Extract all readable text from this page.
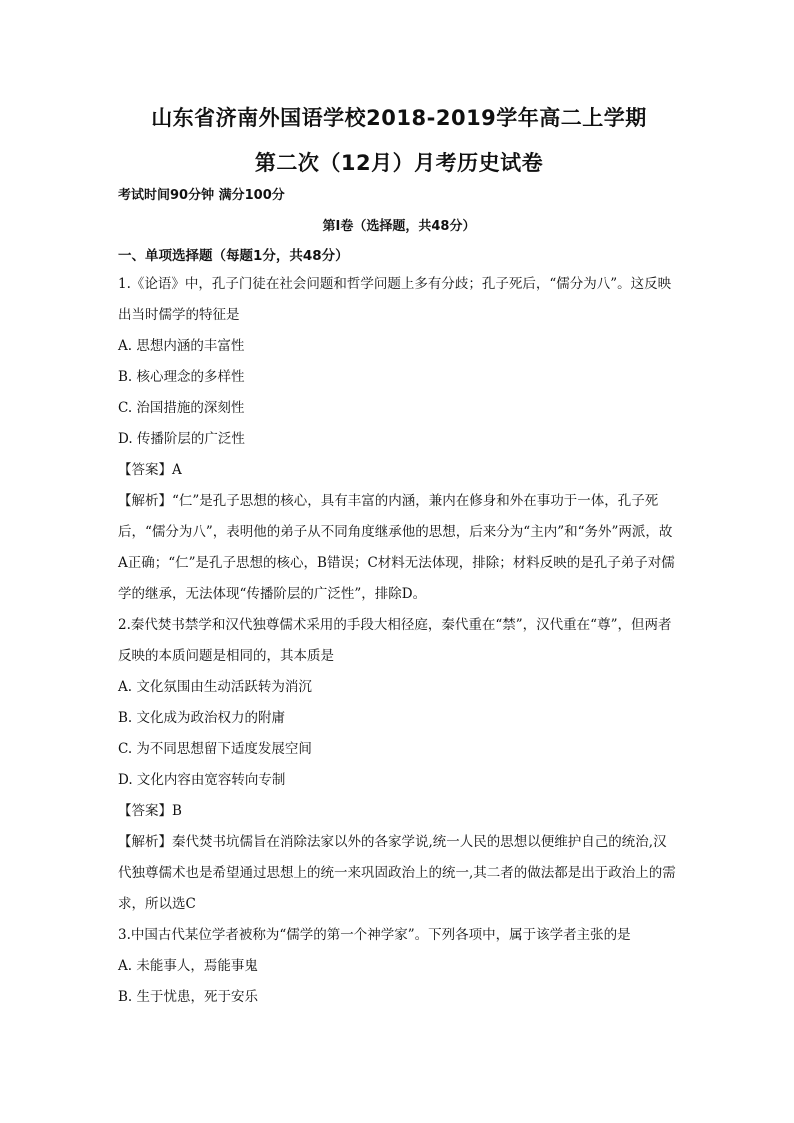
山东省济南外国语学校2018-2019学年高二上学期
第二次（12月）月考历史试卷
考试时间90分钟 满分100分
第Ⅰ卷（选择题，共48分）
一、单项选择题（每题1分，共48分）

1.《论语》中，孔子门徒在社会问题和哲学问题上多有分歧；孔子死后，“儒分为八”。这反映出当时儒学的特征是

A. 思想内涵的丰富性
B. 核心理念的多样性
C. 治国措施的深刻性
D. 传播阶层的广泛性
【答案】A
【解析】“仁”是孔子思想的核心，具有丰富的内涵，兼内在修身和外在事功于一体，孔子死后，“儒分为八”，表明他的弟子从不同角度继承他的思想，后来分为“主内”和“务外”两派，故A正确；“仁”是孔子思想的核心，B错误；C材料无法体现，排除；材料反映的是孔子弟子对儒学的继承，无法体现“传播阶层的广泛性”，排除D。

2.秦代焚书禁学和汉代独尊儒术采用的手段大相径庭，秦代重在“禁”，汉代重在“尊”，但两者反映的本质问题是相同的，其本质是

A. 文化氛围由生动活跃转为消沉
B. 文化成为政治权力的附庸
C. 为不同思想留下适度发展空间
D. 文化内容由宽容转向专制
【答案】B
【解析】秦代焚书坑儒旨在消除法家以外的各家学说,统一人民的思想以便维护自己的统治,汉代独尊儒术也是希望通过思想上的统一来巩固政治上的统一,其二者的做法都是出于政治上的需求，所以选C

3.中国古代某位学者被称为“儒学的第一个神学家”。下列各项中，属于该学者主张的是

A. 未能事人，焉能事鬼
B. 生于忧患，死于安乐
